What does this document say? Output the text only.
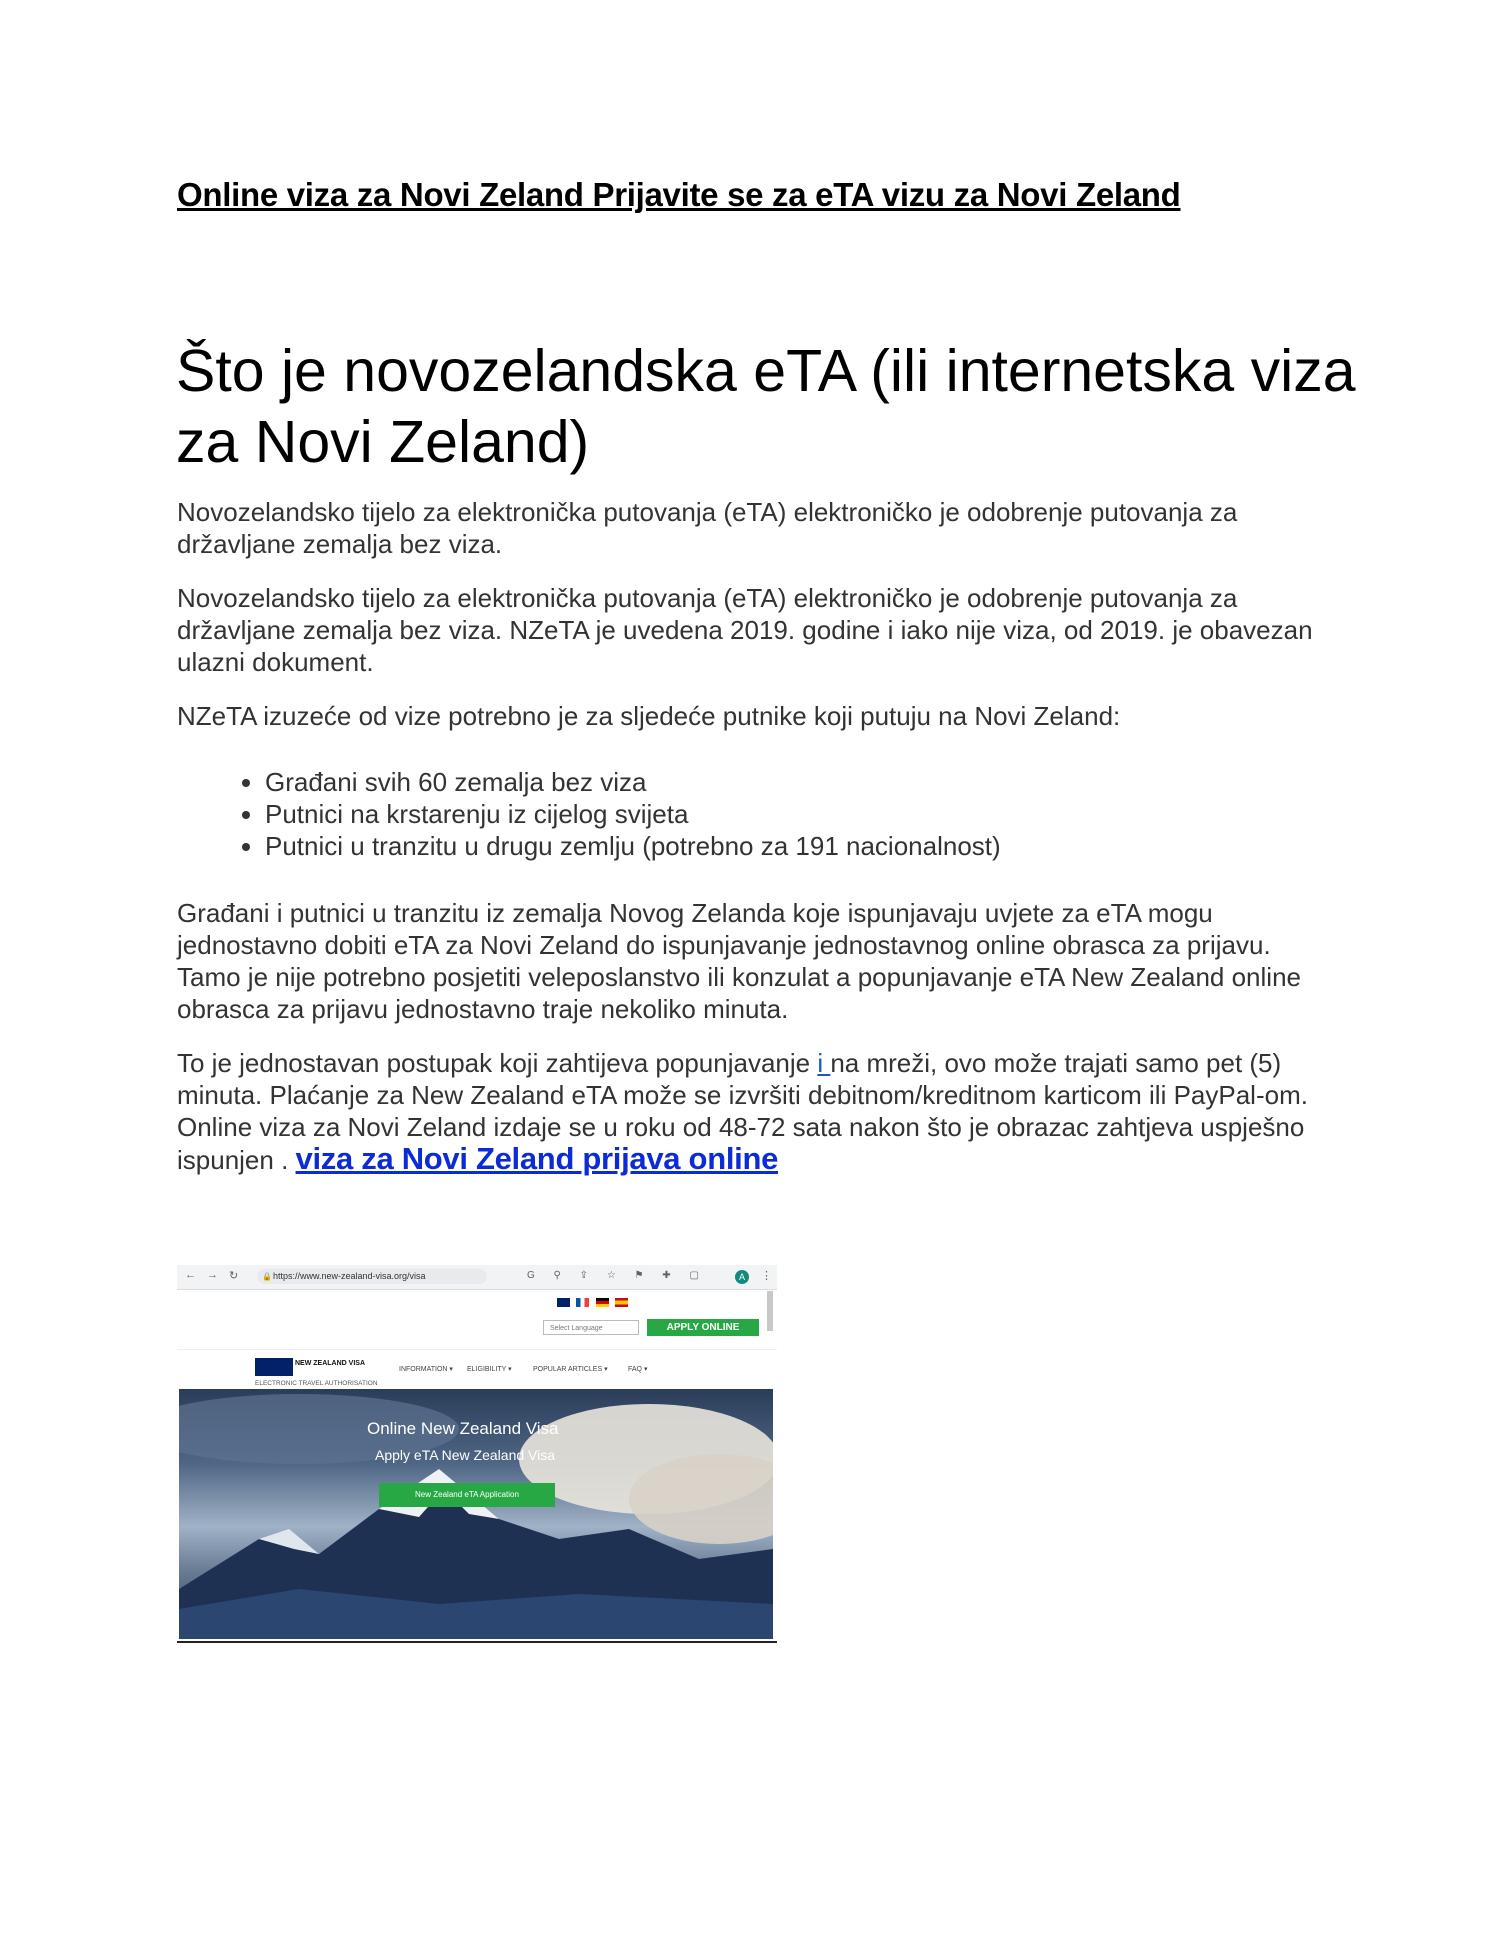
Online viza za Novi Zeland Prijavite se za eTA vizu za Novi Zeland
Što je novozelandska eTA (ili internetska viza za Novi Zeland)

Novozelandsko tijelo za elektronička putovanja (eTA) elektroničko je odobrenje putovanja za državljane zemalja bez viza.

Novozelandsko tijelo za elektronička putovanja (eTA) elektroničko je odobrenje putovanja za državljane zemalja bez viza. NZeTA je uvedena 2019. godine i iako nije viza, od 2019. je obavezan ulazni dokument.

NZeTA izuzeće od vize potrebno je za sljedeće putnike koji putuju na Novi Zeland:

• Građani svih 60 zemalja bez viza
• Putnici na krstarenju iz cijelog svijeta
• Putnici u tranzitu u drugu zemlju (potrebno za 191 nacionalnost)

Građani i putnici u tranzitu iz zemalja Novog Zelanda koje ispunjavaju uvjete za eTA mogu jednostavno dobiti eTA za Novi Zeland do ispunjavanje jednostavnog online obrasca za prijavu. Tamo je nije potrebno posjetiti veleposlanstvo ili konzulat a popunjavanje eTA New Zealand online obrasca za prijavu jednostavno traje nekoliko minuta.

To je jednostavan postupak koji zahtijeva popunjavanje i na mreži, ovo može trajati samo pet (5) minuta. Plaćanje za New Zealand eTA može se izvršiti debitnom/kreditnom karticom ili PayPal-om. Online viza za Novi Zeland izdaje se u roku od 48-72 sata nakon što je obrazac zahtjeva uspješno ispunjen . viza za Novi Zeland prijava online

← → ↻	🔒 https://www.new-zealand-visa.org/visa	G ⚲ ⇪ ☆ ⚑ ✚ ▢	A	⋮

Select Language	APPLY ONLINE
NEW ZEALAND VISA
ELECTRONIC TRAVEL AUTHORISATION
INFORMATION ▾ ELIGIBILITY ▾	POPULAR ARTICLES ▾	FAQ ▾
Online New Zealand Visa
Apply eTA New Zealand Visa
New Zealand eTA Application
